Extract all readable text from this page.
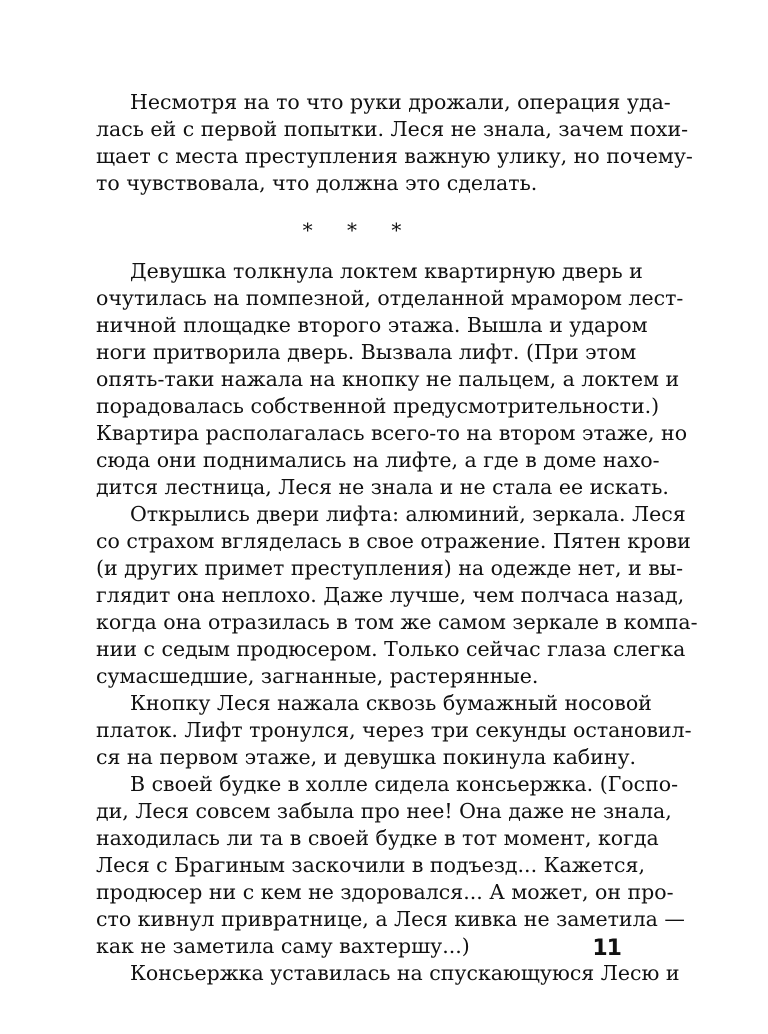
Несмотря на то что руки дрожали, операция уда-
лась ей с первой попытки. Леся не знала, зачем похи-
щает с места преступления важную улику, но почему-
то чувствовала, что должна это сделать.
* * *
Девушка толкнула локтем квартирную дверь и
очутилась на помпезной, отделанной мрамором лест-
ничной площадке второго этажа. Вышла и ударом
ноги притворила дверь. Вызвала лифт. (При этом
опять-таки нажала на кнопку не пальцем, а локтем и
порадовалась собственной предусмотрительности.)
Квартира располагалась всего-то на втором этаже, но
сюда они поднимались на лифте, а где в доме нахо-
дится лестница, Леся не знала и не стала ее искать.
Открылись двери лифта: алюминий, зеркала. Леся
со страхом вгляделась в свое отражение. Пятен крови
(и других примет преступления) на одежде нет, и вы-
глядит она неплохо. Даже лучше, чем полчаса назад,
когда она отразилась в том же самом зеркале в компа-
нии с седым продюсером. Только сейчас глаза слегка
сумасшедшие, загнанные, растерянные.
Кнопку Леся нажала сквозь бумажный носовой
платок. Лифт тронулся, через три секунды остановил-
ся на первом этаже, и девушка покинула кабину.
В своей будке в холле сидела консьержка. (Госпо-
ди, Леся совсем забыла про нее! Она даже не знала,
находилась ли та в своей будке в тот момент, когда
Леся с Брагиным заскочили в подъезд... Кажется,
продюсер ни с кем не здоровался... А может, он про-
сто кивнул привратнице, а Леся кивка не заметила —
как не заметила саму вахтершу...)
Консьержка уставилась на спускающуюся Лесю и
11
